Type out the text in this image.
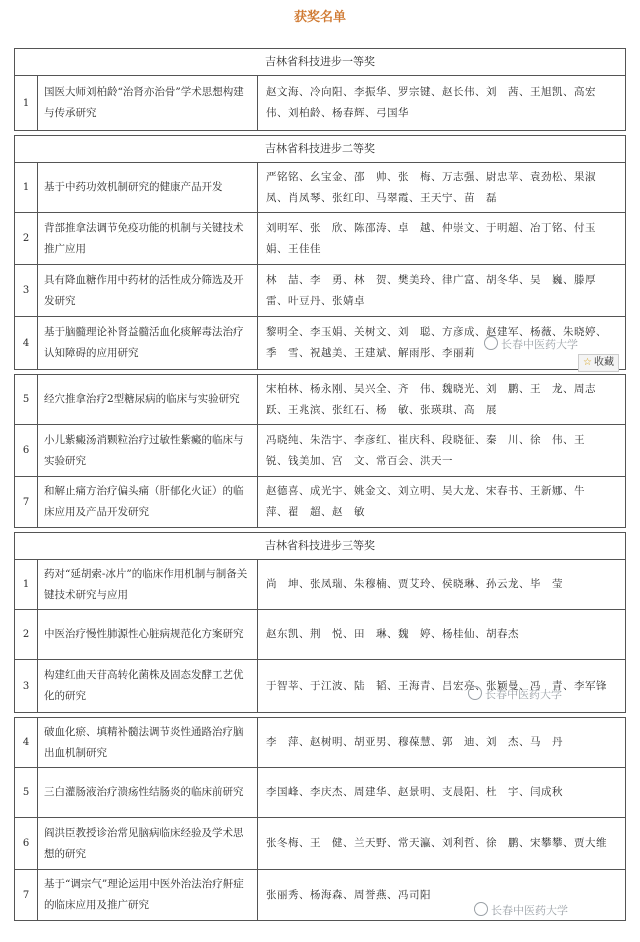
获奖名单
吉林省科技进步一等奖
1
国医大师刘柏龄“治肾亦治骨”学术思想构建与传承研究
赵文海、冷向阳、李振华、罗宗键、赵长伟、刘　茜、王旭凯、高宏伟、刘柏龄、杨春辉、弓国华
吉林省科技进步二等奖
1	基于中药功效机制研究的健康产品开发
严铭铭、幺宝金、邵　帅、张　梅、万志强、尉忠苹、袁劲松、果淑凤、肖凤琴、张红印、马翠霞、王天宁、苗　磊
2
背部推拿法调节免疫功能的机制与关键技术推广应用
刘明军、张　欣、陈邵涛、卓　越、仲崇文、于明超、冶丁铭、付玉娟、王佳佳
3
具有降血糖作用中药材的活性成分筛选及开发研究
林　喆、李　勇、林　贺、樊美玲、律广富、胡冬华、吴　巍、滕厚雷、叶豆丹、张婧卓
4
基于脑髓理论补肾益髓活血化痰解毒法治疗认知障碍的应用研究
黎明全、李玉娟、关树文、刘　聪、方彦成、赵建军、杨薇、朱晓婷、季　雪、祝越美、王建斌、解雨彤、李丽莉
5	经穴推拿治疗2型糖尿病的临床与实验研究
宋柏林、杨永刚、吴兴全、齐　伟、魏晓光、刘　鹏、王　龙、周志跃、王兆滨、张红石、杨　敏、张瑛琪、高　展
6
小儿紫癜汤消颗粒治疗过敏性紫癜的临床与实验研究
冯晓纯、朱浩宇、李彦红、崔庆科、段晓征、秦　川、徐　伟、王　锐、钱美加、宫　文、常百会、洪天一
7
和解止痛方治疗偏头痛（肝郁化火证）的临床应用及产品开发研究
赵德喜、成光宇、姚金文、刘立明、吴大龙、宋春书、王新娜、牛　萍、翟　超、赵　敏
吉林省科技进步三等奖
1
药对“延胡索-冰片”的临床作用机制与制备关键技术研究与应用
尚　坤、张凤瑞、朱穆楠、贾艾玲、侯晓琳、孙云龙、毕　莹
2	中医治疗慢性肺源性心脏病规范化方案研究	赵东凯、荆　悦、田　琳、魏　婷、杨桂仙、胡春杰
3
构建红曲天苷高转化菌株及固态发酵工艺优化的研究
于智莘、于江波、陆　韬、王海青、吕宏亮、张颖曼、冯　青、李军锋
4
破血化瘀、填精补髓法调节炎性通路治疗脑出血机制研究
李　萍、赵树明、胡亚男、穆葆慧、郭　迪、刘　杰、马　丹
5	三白灌肠液治疗溃疡性结肠炎的临床前研究	李国峰、李庆杰、周建华、赵景明、支晨阳、杜　宇、闫成秋
6
阎洪臣教授诊治常见脑病临床经验及学术思想的研究
张冬梅、王　健、兰天野、常天瀛、刘利哲、徐　鹏、宋攀攀、贾大维
7
基于“调宗气”理论运用中医外治法治疗鼾症的临床应用及推广研究
张丽秀、杨海森、周誉燕、冯司阳
长春中医药大学
长春中医药大学
长春中医药大学
☆ 收藏
